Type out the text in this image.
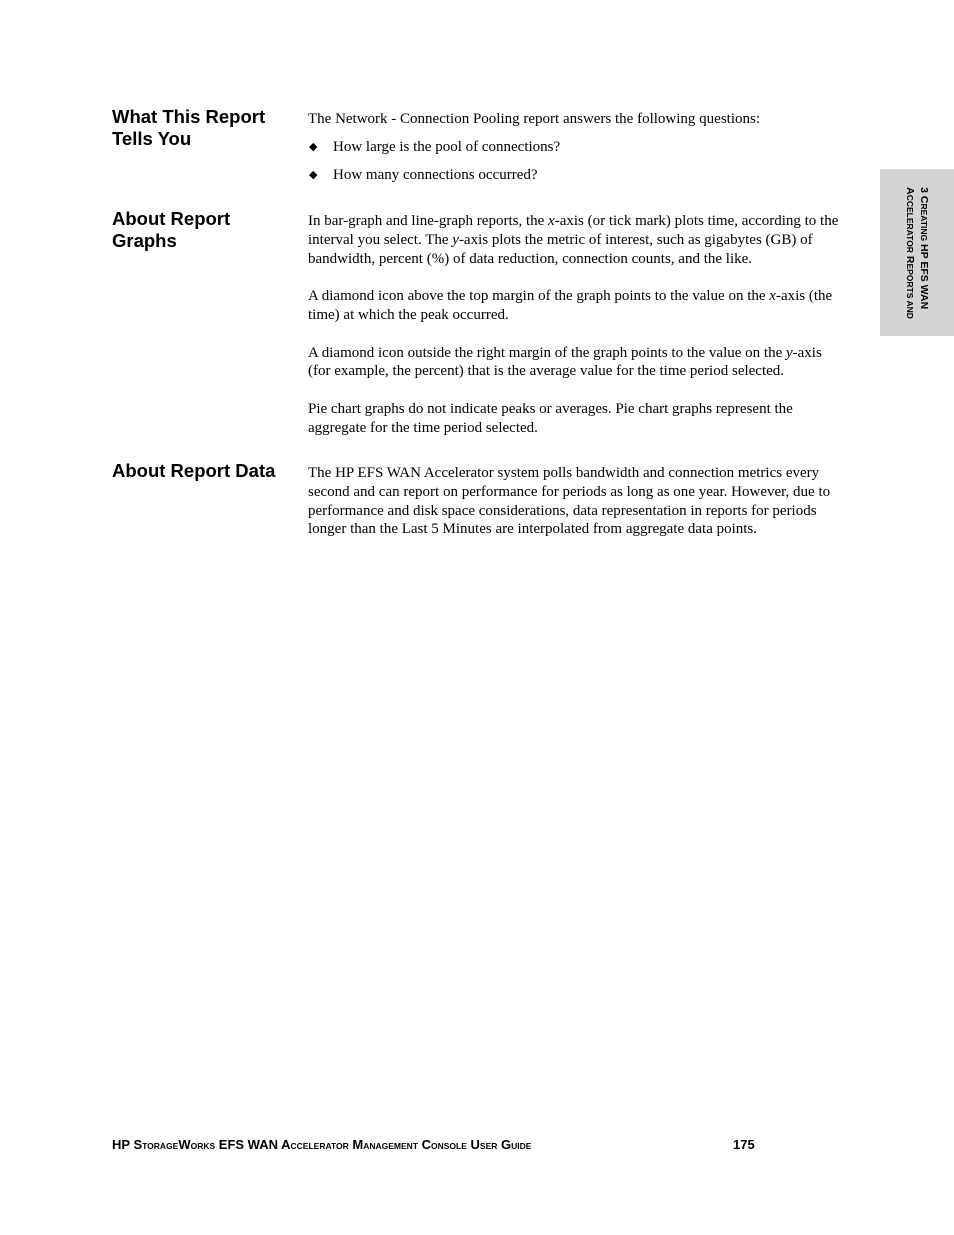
What This Report Tells You

The Network - Connection Pooling report answers the following questions:

◆ How large is the pool of connections?
◆ How many connections occurred?
About Report Graphs

In bar-graph and line-graph reports, the x-axis (or tick mark) plots time, according to the interval you select. The y-axis plots the metric of interest, such as gigabytes (GB) of bandwidth, percent (%) of data reduction, connection counts, and the like.

A diamond icon above the top margin of the graph points to the value on the x-axis (the time) at which the peak occurred.

A diamond icon outside the right margin of the graph points to the value on the y-axis (for example, the percent) that is the average value for the time period selected.

Pie chart graphs do not indicate peaks or averages. Pie chart graphs represent the aggregate for the time period selected.

About Report Data	The HP EFS WAN Accelerator system polls bandwidth and connection metrics every second and can report on performance for periods as long as one year. However, due to performance and disk space considerations, data representation in reports for periods longer than the Last 5 Minutes are interpolated from aggregate data points.

3 CREATING HP EFS WAN
ACCELERATOR REPORTS AND
HP STORAGEWORKS EFS WAN ACCELERATOR MANAGEMENT CONSOLE USER GUIDE	175
